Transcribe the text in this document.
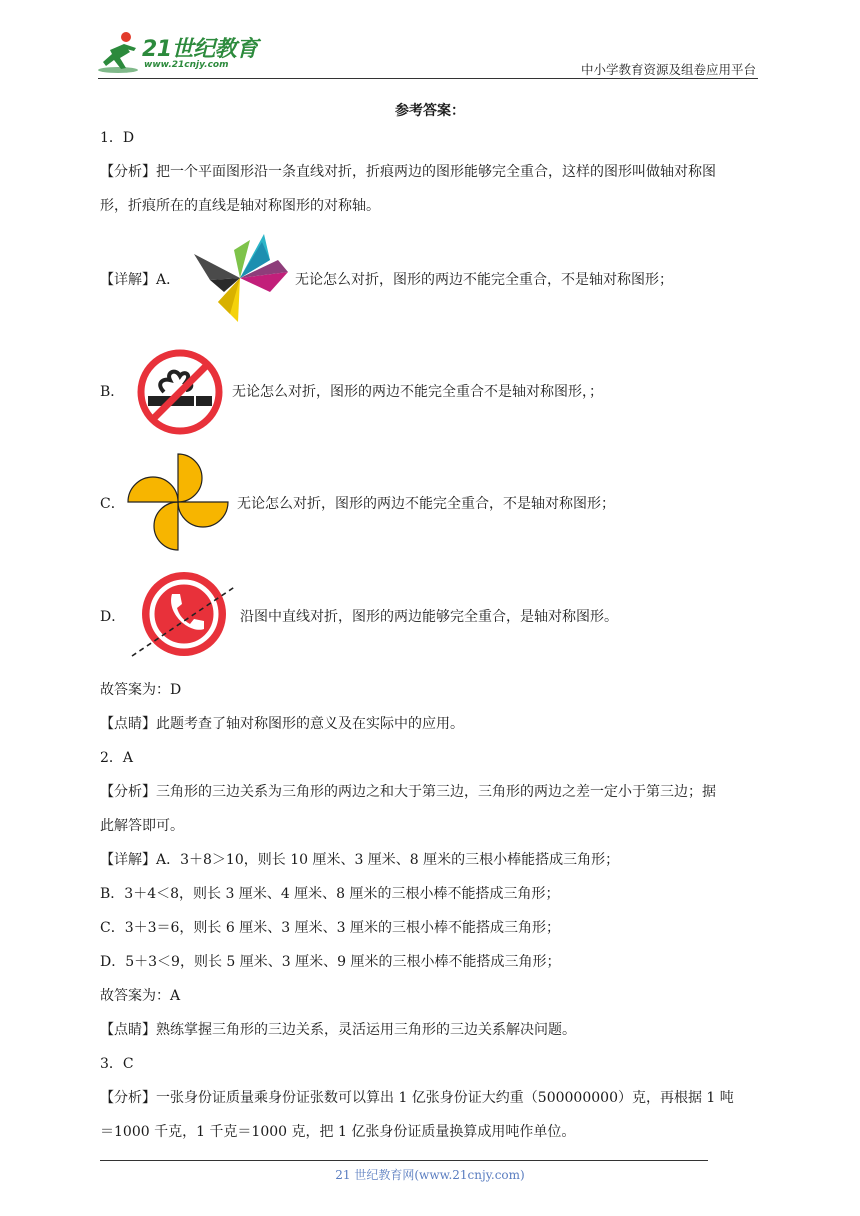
21世纪教育
www.21cnjy.com	中小学教育资源及组卷应用平台
参考答案：
1．D
【分析】把一个平面图形沿一条直线对折，折痕两边的图形能够完全重合，这样的图形叫做轴对称图
形，折痕所在的直线是轴对称图形的对称轴。
【详解】A．	无论怎么对折，图形的两边不能完全重合，不是轴对称图形；
B．	无论怎么对折，图形的两边不能完全重合不是轴对称图形，；
C．	无论怎么对折，图形的两边不能完全重合，不是轴对称图形；
D．	沿图中直线对折，图形的两边能够完全重合，是轴对称图形。
故答案为：D
【点睛】此题考查了轴对称图形的意义及在实际中的应用。
2．A
【分析】三角形的三边关系为三角形的两边之和大于第三边，三角形的两边之差一定小于第三边；据
此解答即可。
【详解】A．3＋8＞10，则长 10 厘米、3 厘米、8 厘米的三根小棒能搭成三角形；
B．3＋4＜8，则长 3 厘米、4 厘米、8 厘米的三根小棒不能搭成三角形；
C．3＋3＝6，则长 6 厘米、3 厘米、3 厘米的三根小棒不能搭成三角形；
D．5＋3＜9，则长 5 厘米、3 厘米、9 厘米的三根小棒不能搭成三角形；
故答案为：A
【点睛】熟练掌握三角形的三边关系，灵活运用三角形的三边关系解决问题。
3．C
【分析】一张身份证质量乘身份证张数可以算出 1 亿张身份证大约重（500000000）克，再根据 1 吨
＝1000 千克，1 千克＝1000 克，把 1 亿张身份证质量换算成用吨作单位。
21 世纪教育网(www.21cnjy.com)
